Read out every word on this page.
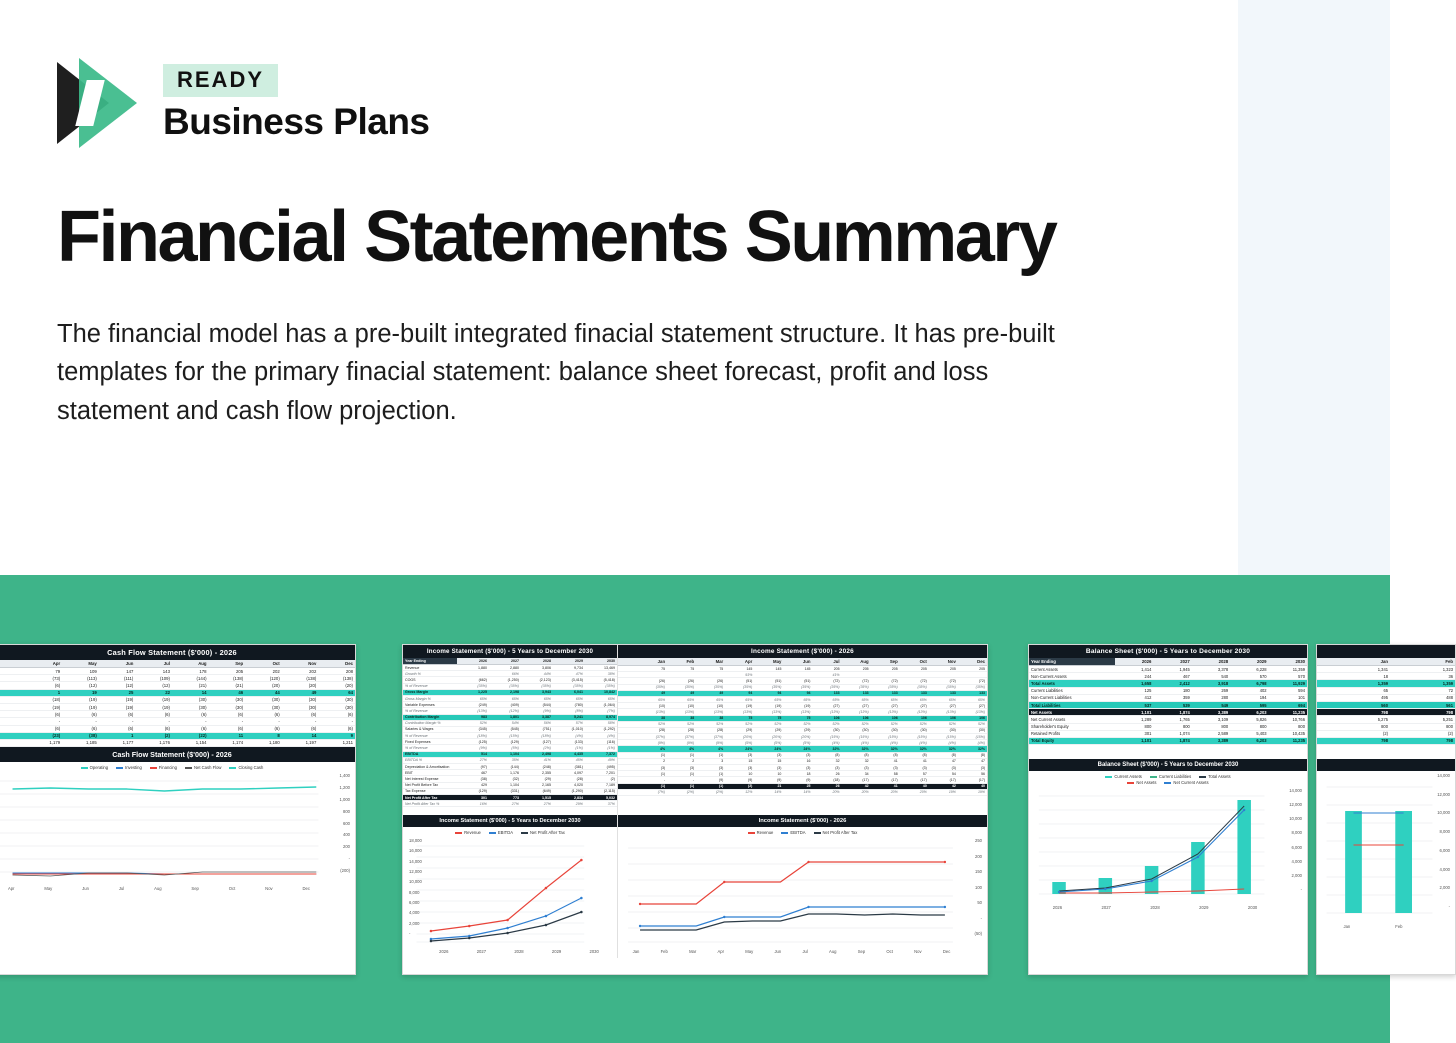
READY
Business Plans
Financial Statements Summary

The financial model has a pre-built integrated finacial statement structure. It has pre-built templates for the primary finacial statement: balance sheet forecast, profit and loss statement and cash flow projection.

Cash Flow Statement ($'000) - 2026
	Apr	May	Jun	Jul	Aug	Sep	Oct	Nov	Dec
	79	109	147	143	178	205	202	202	208
	(73)	(113)	(111)	(109)	(144)	(138)	(120)	(138)	(138)
	(6)	(12)	(12)	(12)	(21)	(21)	(20)	(20)	(20)
	1	19	25	22	14	46	44	49	64
	(18)	(19)	(19)	(19)	(30)	(30)	(30)	(30)	(30)
	(19)	(19)	(19)	(19)	(30)	(30)	(30)	(30)	(30)
	(6)	(6)	(6)	(6)	(6)	(6)	(6)	(6)	(6)
	-	-	-	-	-	-	-	-	-
	(6)	(6)	(6)	(6)	(6)	(6)	(6)	(6)	(6)
	(23)	(38)	1	(2)	(22)	11	8	14	9
	1,179	1,185	1,177	1,176	1,154	1,174	1,180	1,197	1,211
Cash Flow Statement ($'000) - 2026
Operating	Investing	Financing	Net Cash Flow	Closing Cash
1,400
1,200
1,000
800
600
400
200
-
(200)
Apr	May	Jun	Jul	Aug	Sep	Oct	Nov	Dec
Income Statement ($'000) - 5 Years to December 2030
Year Ending	2026	2027	2028	2029	2030
Revenue	1,880	2,880	3,806	9,734	13,469
Growth %		66%	44%	47%	38%
COGS	(662)	(1,250)	(2,123)	(3,415)	(5,418)
% of Revenue	(35%)	(35%)	(35%)	(35%)	(35%)
Gross Margin	1,225	2,198	3,943	6,041	10,842
Gross Margin %	65%	65%	65%	65%	65%
Variable Expenses	(249)	(409)	(544)	(780)	(1,064)
% of Revenue	(13%)	(12%)	(9%)	(8%)	(7%)
Contribution Margin	983	1,801	3,387	5,241	8,974
Contribution Margin %	52%	54%	56%	57%	58%
Salaries & Wages	(345)	(545)	(751)	(1,010)	(1,292)
% of Revenue	(18%)	(15%)	(18%)	(4%)	(4%)
Fixed Expenses	(125)	(129)	(127)	(133)	(116)
% of Revenue	(9%)	(5%)	(2%)	(1%)	(1%)
EBITDA	514	1,104	2,498	4,435	7,372
EBITDA %	27%	35%	41%	45%	49%
Depreciation & Amortisation	(97)	(144)	(248)	(381)	(495)
EBIT	467	1,176	2,355	4,097	7,201
Net Interest Expense	(38)	(32)	(29)	(28)	(2)
Net Profit Before Tax	429	1,104	2,165	4,020	7,189
Tax Expense	(129)	(331)	(649)	(1,290)	(2,115)
Net Profit After Tax	301	773	1,515	2,834	5,032
Net Profit After Tax %	16%	27%	27%	29%	37%
Income Statement ($'000) - 2026
	Jan	Feb	Mar	Apr	May	Jun	Jul	Aug	Sep	Oct	Nov	Dec
	75	75	75	145	145	145	205	205	205	205	205	205
				93%			41%					
	(26)	(26)	(26)	(51)	(51)	(51)	(72)	(72)	(72)	(72)	(72)	(72)
	(35%)	(35%)	(35%)	(35%)	(35%)	(35%)	(35%)	(35%)	(35%)	(35%)	(35%)	(35%)
	49	49	49	94	94	94	133	133	133	133	133	133
	65%	65%	65%	65%	65%	65%	65%	65%	65%	65%	65%	65%
	(10)	(10)	(10)	(19)	(19)	(19)	(27)	(27)	(27)	(27)	(27)	(27)
	(13%)	(13%)	(13%)	(13%)	(13%)	(13%)	(13%)	(13%)	(13%)	(13%)	(13%)	(13%)
	38	38	38	75	75	75	106	106	106	106	106	106
	52%	52%	52%	52%	52%	52%	52%	52%	52%	52%	52%	52%
	(28)	(28)	(28)	(29)	(29)	(29)	(30)	(30)	(30)	(30)	(30)	(30)
	(37%)	(37%)	(37%)	(20%)	(20%)	(20%)	(15%)	(15%)	(15%)	(15%)	(15%)	(15%)
	(9%)	(9%)	(9%)	(5%)	(5%)	(5%)	(4%)	(4%)	(4%)	(4%)	(4%)	(4%)
	4%	4%	4%	24%	24%	24%	32%	32%	32%	32%	32%	32%
	(1)	(1)	(1)	(3)	(3)	(3)	(8)	(8)	(8)	(8)	(8)	(8)
	2	2	3	15	15	16	32	32	41	41	47	47
	(3)	(3)	(3)	(3)	(3)	(3)	(3)	(3)	(3)	(3)	(3)	(3)
	(1)	(1)	(1)	10	10	18	26	34	58	57	54	56
	-	-	(9)	(9)	(9)	(9)	(18)	(17)	(17)	(17)	(17)	(17)
	(1)	(1)	(1)	(2)	21	25	26	42	41	40	42	40
	(7%)	(2%)	(2%)	12%	14%	14%	20%	20%	20%	20%	19%	19%
Income Statement ($'000) - 5 Years to December 2030
Revenue	EBITDA	Net Profit After Tax
18,000
16,000
14,000
12,000
10,000
8,000
6,000
4,000
2,000
-
2026	2027	2028	2029	2030
Income Statement ($'000) - 2026
Revenue	EBITDA	Net Profit After Tax
250
200
150
100
50
-
(50)
Jan	Feb	Mar	Apr	May	Jun	Jul	Aug	Sep	Oct	Nov	Dec
Balance Sheet ($'000) - 5 Years to December 2030
Year Ending	2026	2027	2028	2029	2030
Current Assets	1,414	1,945	3,378	6,228	11,359
Non-Current Assets	244	467	540	570	570
Total Assets	1,658	2,412	3,918	6,798	11,929
Current Liabilities	125	180	269	402	594
Non-Current Liabilities	412	359	280	194	101
Total Liabilities	537	539	549	595	694
Net Assets	1,101	1,874	3,389	6,203	11,235
Net Current Assets	1,289	1,765	3,109	5,826	10,766
Shareholder's Equity	800	800	800	800	800
Retained Profits	301	1,074	2,589	5,403	10,435
Total Equity	1,101	1,874	3,389	6,203	11,235
Balance Sheet ($'000) - 5 Years to December 2030
Current Assets	Current Liabilities	Total Assets
Net Assets	Net Current Assets
14,000
12,000
10,000
8,000
6,000
4,000
2,000
-
2026	2027	2028	2029	2030

	Jan	Feb
	1,341	1,323
	18	36
	1,359	1,359
	65	72
	495	488
	560	561
	798	798
	5,275	5,251
	800	800
	(2)	(2)
	798	798

14,000
12,000
10,000
8,000
6,000
4,000
2,000
-
Jan	Feb
